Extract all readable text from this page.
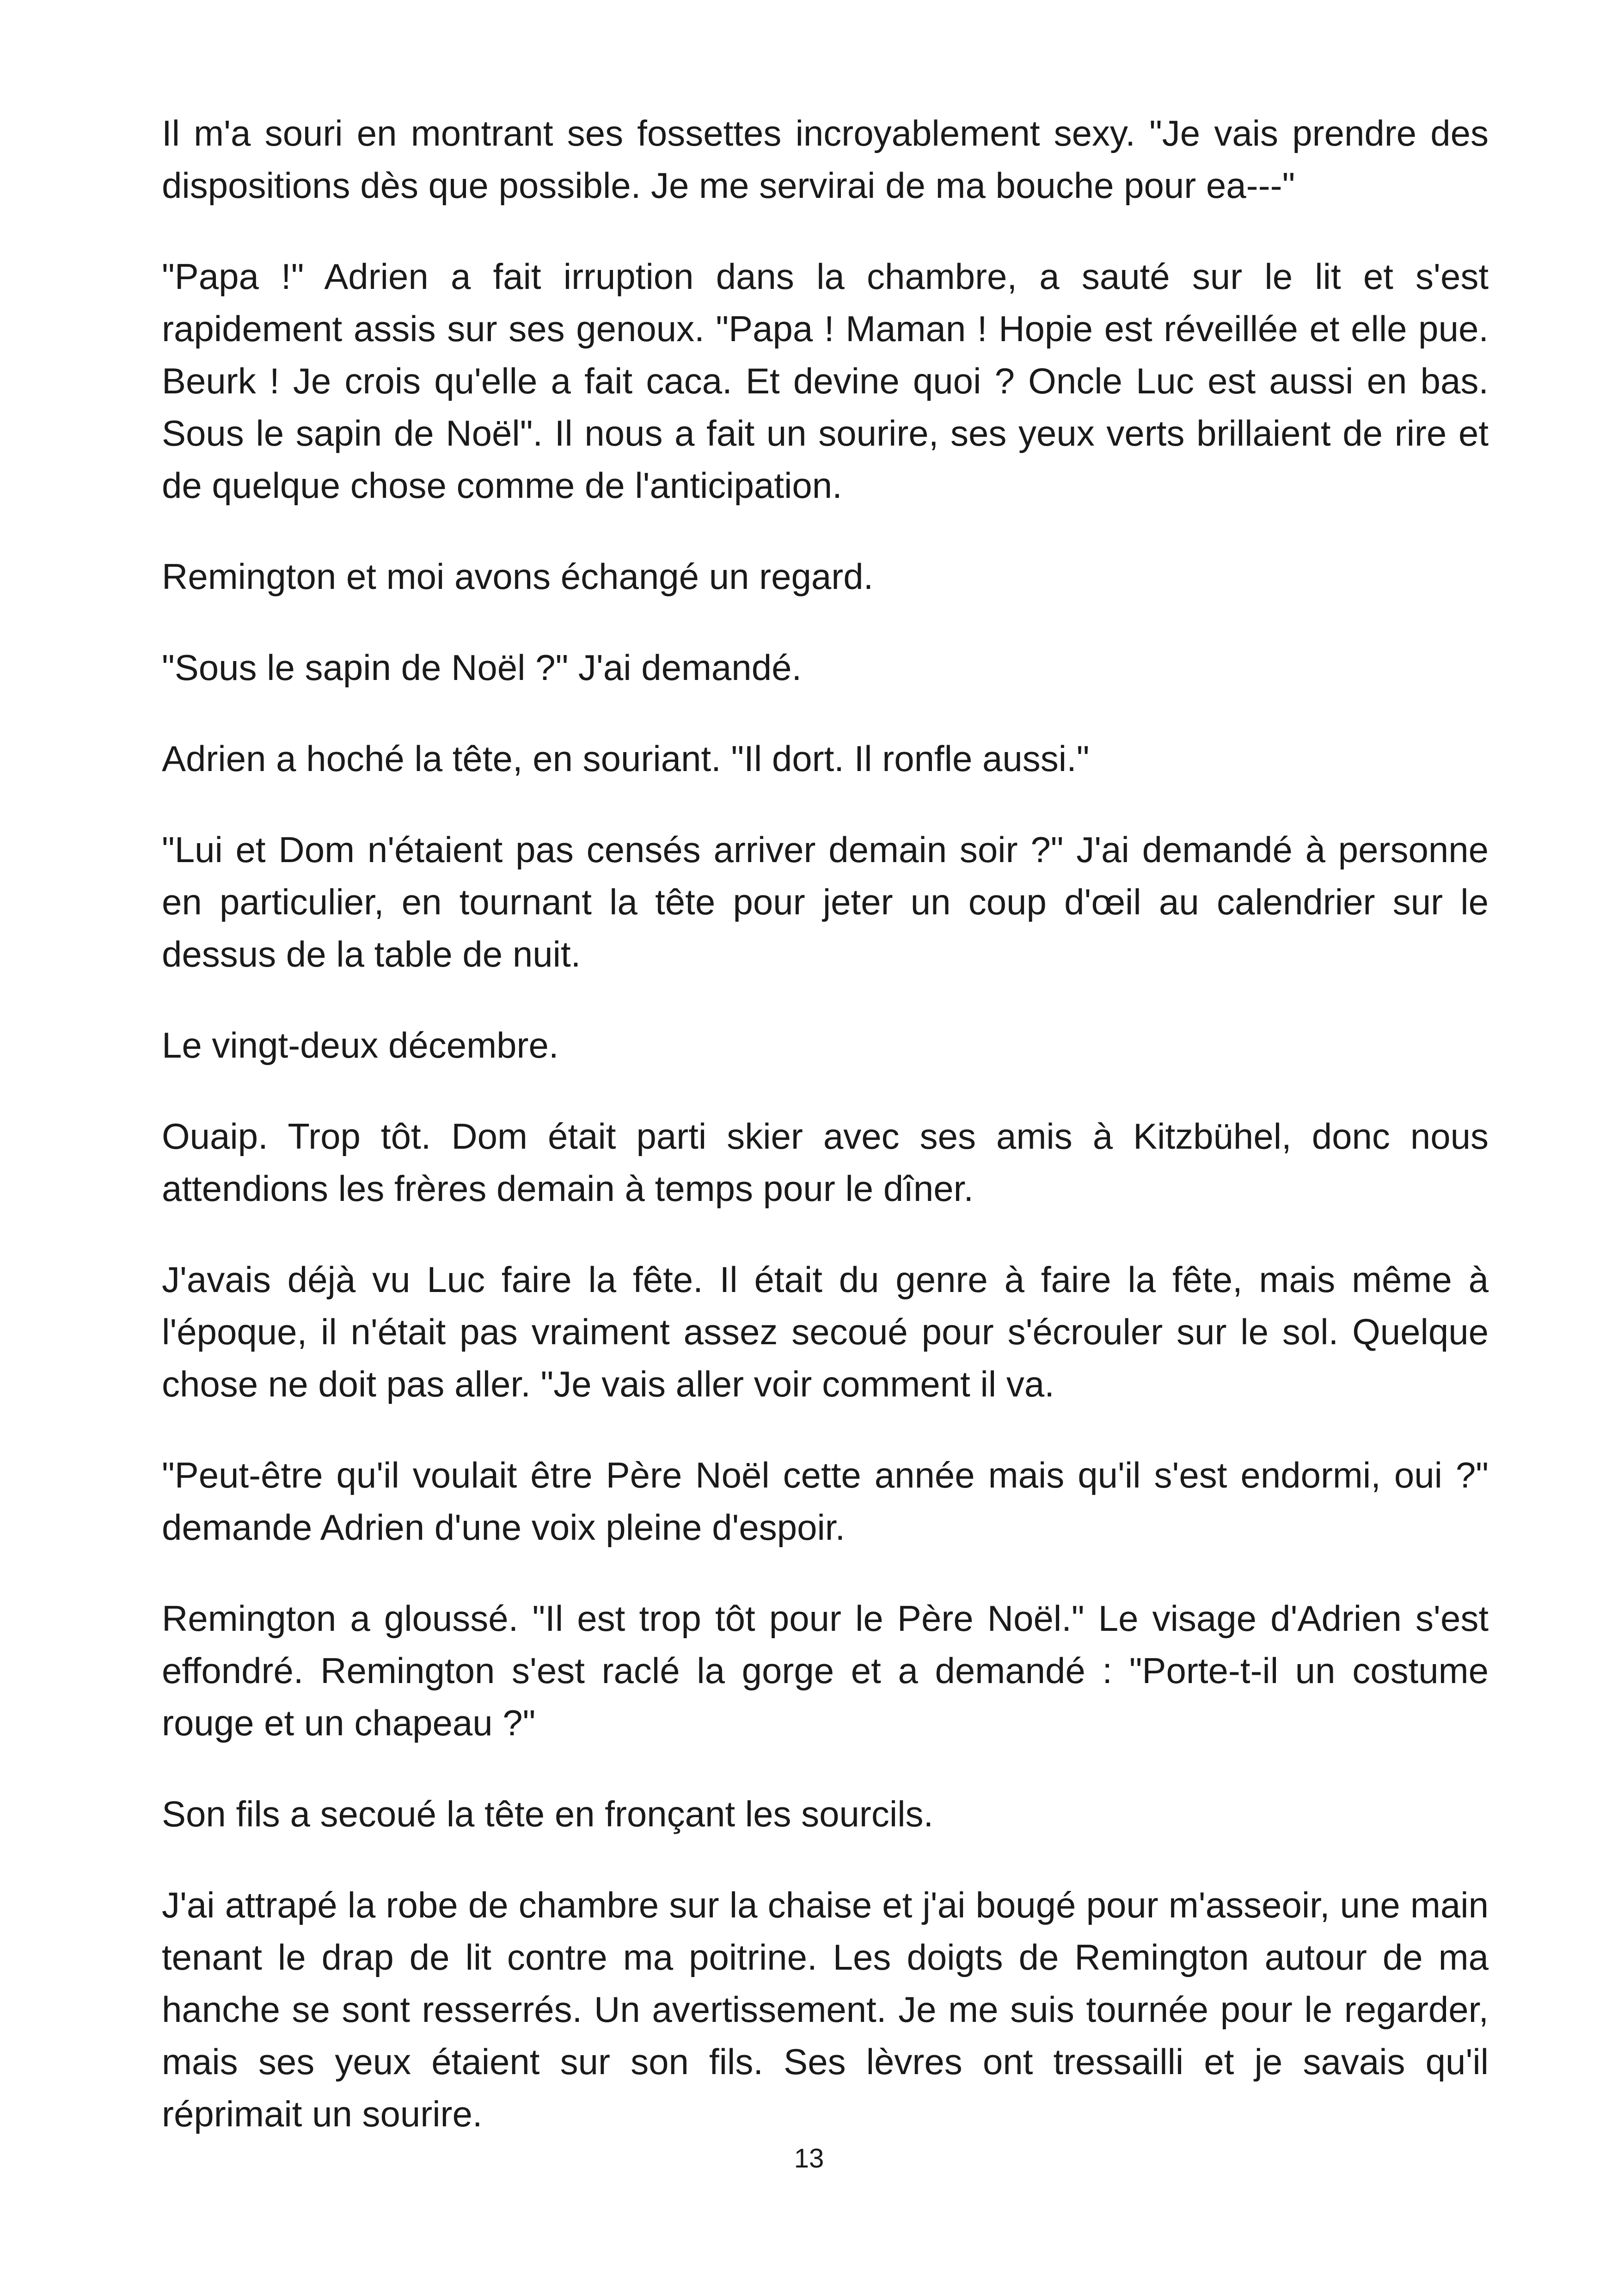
Il m'a souri en montrant ses fossettes incroyablement sexy. "Je vais prendre des dispositions dès que possible. Je me servirai de ma bouche pour ea---"

"Papa !" Adrien a fait irruption dans la chambre, a sauté sur le lit et s'est rapidement assis sur ses genoux. "Papa ! Maman ! Hopie est réveillée et elle pue. Beurk ! Je crois qu'elle a fait caca. Et devine quoi ? Oncle Luc est aussi en bas. Sous le sapin de Noël". Il nous a fait un sourire, ses yeux verts brillaient de rire et de quelque chose comme de l'anticipation.

Remington et moi avons échangé un regard.

"Sous le sapin de Noël ?" J'ai demandé.

Adrien a hoché la tête, en souriant. "Il dort. Il ronfle aussi."

"Lui et Dom n'étaient pas censés arriver demain soir ?" J'ai demandé à personne en particulier, en tournant la tête pour jeter un coup d'œil au calendrier sur le dessus de la table de nuit.

Le vingt-deux décembre.

Ouaip. Trop tôt. Dom était parti skier avec ses amis à Kitzbühel, donc nous attendions les frères demain à temps pour le dîner.

J'avais déjà vu Luc faire la fête. Il était du genre à faire la fête, mais même à l'époque, il n'était pas vraiment assez secoué pour s'écrouler sur le sol. Quelque chose ne doit pas aller. "Je vais aller voir comment il va.

"Peut-être qu'il voulait être Père Noël cette année mais qu'il s'est endormi, oui ?" demande Adrien d'une voix pleine d'espoir.

Remington a gloussé. "Il est trop tôt pour le Père Noël." Le visage d'Adrien s'est effondré. Remington s'est raclé la gorge et a demandé : "Porte-t-il un costume rouge et un chapeau ?"

Son fils a secoué la tête en fronçant les sourcils.

J'ai attrapé la robe de chambre sur la chaise et j'ai bougé pour m'asseoir, une main tenant le drap de lit contre ma poitrine. Les doigts de Remington autour de ma hanche se sont resserrés. Un avertissement. Je me suis tournée pour le regarder, mais ses yeux étaient sur son fils. Ses lèvres ont tressailli et je savais qu'il réprimait un sourire.

13
